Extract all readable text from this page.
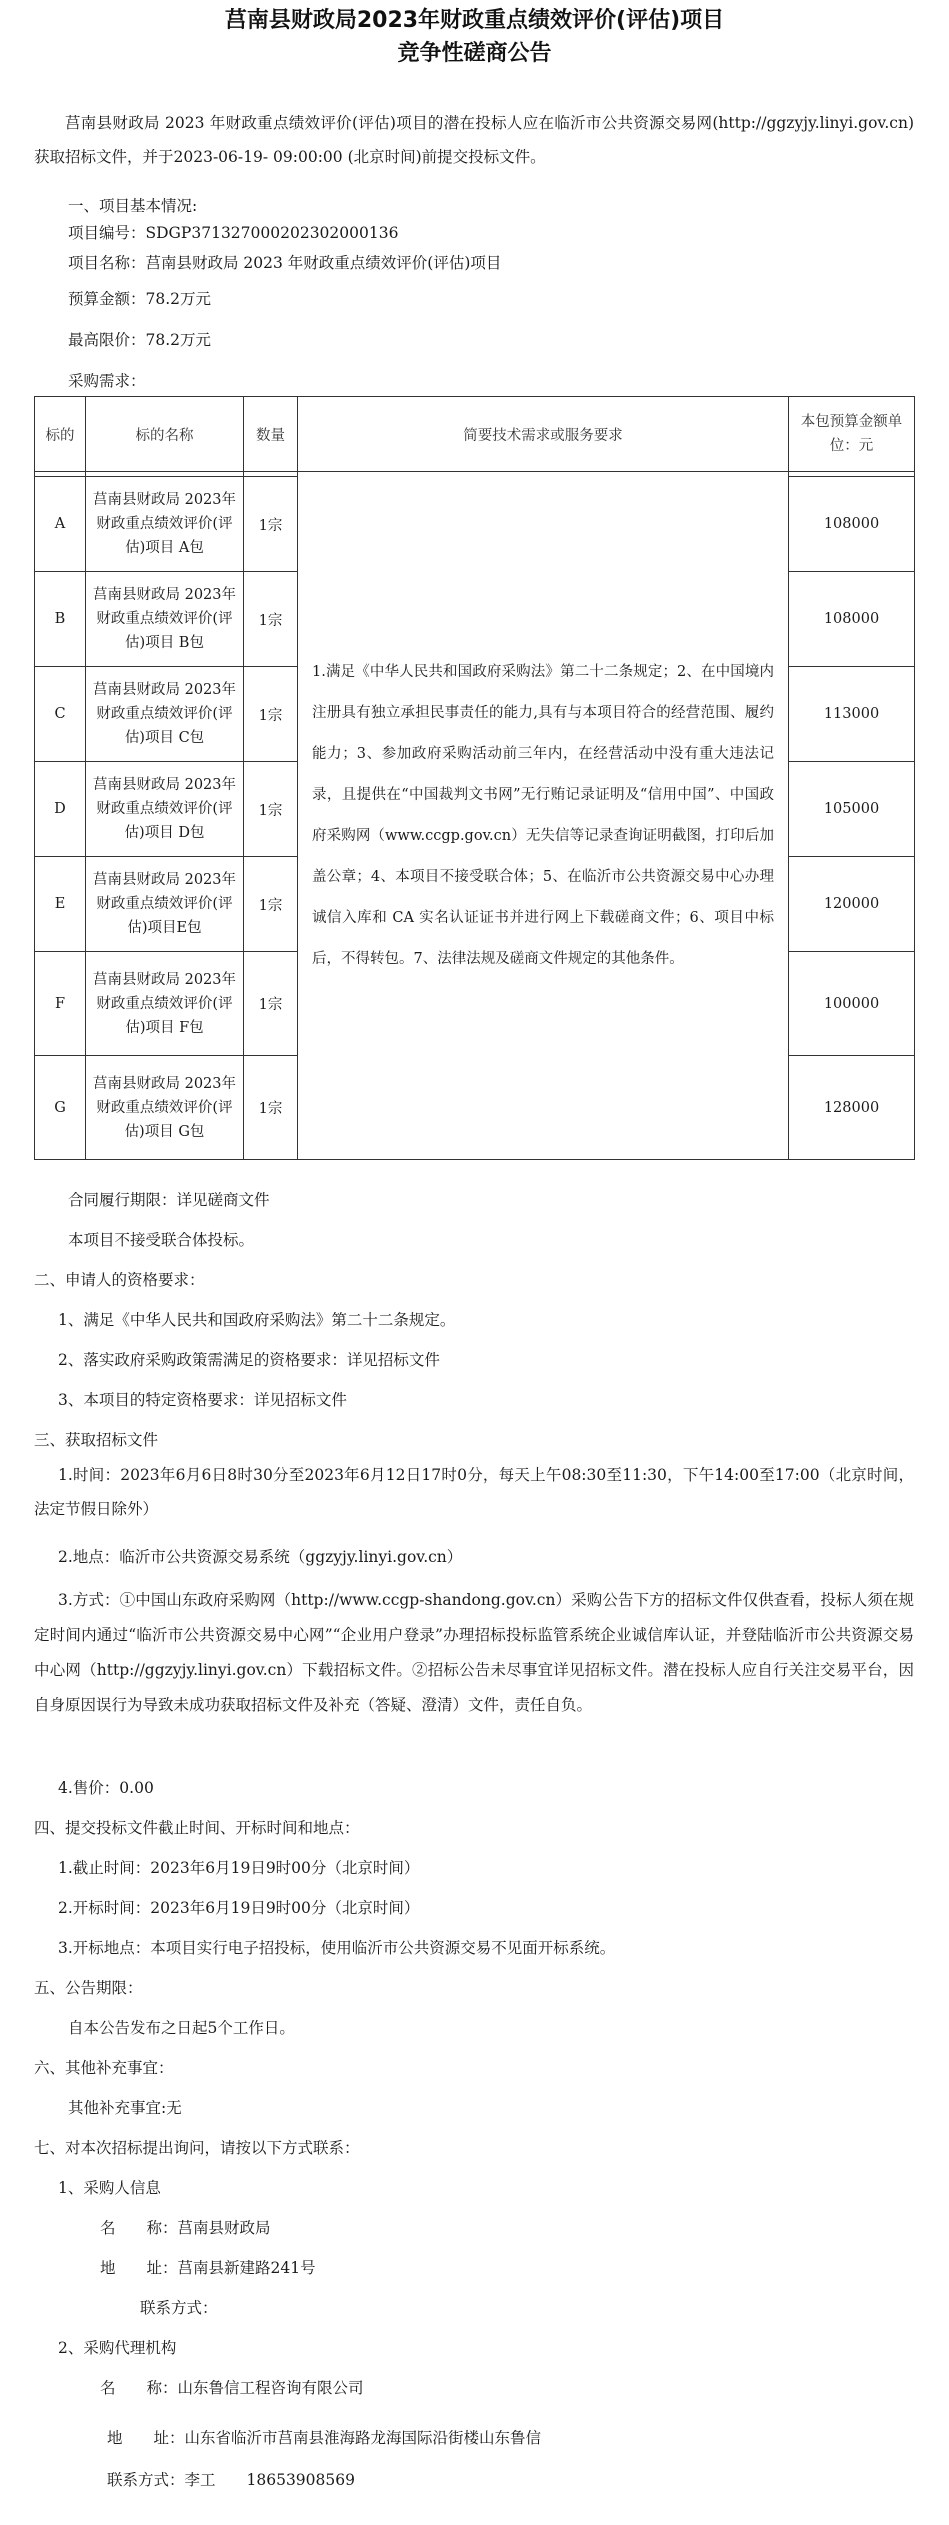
莒南县财政局2023年财政重点绩效评价(评估)项目
竞争性磋商公告
莒南县财政局 2023 年财政重点绩效评价(评估)项目的潜在投标人应在临沂市公共资源交易网(http://ggzyjy.linyi.gov.cn)获取招标文件，并于2023-06-19- 09:00:00 (北京时间)前提交投标文件。
一、项目基本情况:
项目编号：SDGP371327000202302000136
项目名称：莒南县财政局 2023 年财政重点绩效评价(评估)项目
预算金额：78.2万元
最高限价：78.2万元
采购需求：
标的	标的名称	数量	简要技术需求或服务要求	本包预算金额单位：元
			1.满足《中华人民共和国政府采购法》第二十二条规定；2、在中国境内注册具有独立承担民事责任的能力,具有与本项目符合的经营范围、履约能力；3、参加政府采购活动前三年内，在经营活动中没有重大违法记录，且提供在“中国裁判文书网”无行贿记录证明及“信用中国”、中国政府采购网（www.ccgp.gov.cn）无失信等记录查询证明截图，打印后加盖公章；4、本项目不接受联合体；5、在临沂市公共资源交易中心办理诚信入库和 CA 实名认证证书并进行网上下载磋商文件；6、项目中标后，不得转包。7、法律法规及磋商文件规定的其他条件。	
A	莒南县财政局 2023年财政重点绩效评价(评估)项目 A包	1宗		108000
B	莒南县财政局 2023年财政重点绩效评价(评估)项目 B包	1宗		108000
C	莒南县财政局 2023年财政重点绩效评价(评估)项目 C包	1宗		113000
D	莒南县财政局 2023年财政重点绩效评价(评估)项目 D包	1宗		105000
E	莒南县财政局 2023年财政重点绩效评价(评估)项目E包	1宗		120000
F	莒南县财政局 2023年财政重点绩效评价(评估)项目 F包	1宗		100000
G	莒南县财政局 2023年财政重点绩效评价(评估)项目 G包	1宗		128000
合同履行期限：详见磋商文件
本项目不接受联合体投标。
二、申请人的资格要求：
1、满足《中华人民共和国政府采购法》第二十二条规定。
2、落实政府采购政策需满足的资格要求：详见招标文件
3、本项目的特定资格要求：详见招标文件
三、获取招标文件
1.时间：2023年6月6日8时30分至2023年6月12日17时0分，每天上午08:30至11:30，下午14:00至17:00（北京时间，法定节假日除外）
2.地点：临沂市公共资源交易系统（ggzyjy.linyi.gov.cn）
3.方式：①中国山东政府采购网（http://www.ccgp-shandong.gov.cn）采购公告下方的招标文件仅供查看，投标人须在规定时间内通过“临沂市公共资源交易中心网”“企业用户登录”办理招标投标监管系统企业诚信库认证，并登陆临沂市公共资源交易中心网（http://ggzyjy.linyi.gov.cn）下载招标文件。②招标公告未尽事宜详见招标文件。潜在投标人应自行关注交易平台，因自身原因误行为导致未成功获取招标文件及补充（答疑、澄清）文件，责任自负。
4.售价：0.00
四、提交投标文件截止时间、开标时间和地点：
1.截止时间：2023年6月19日9时00分（北京时间）
2.开标时间：2023年6月19日9时00分（北京时间）
3.开标地点：本项目实行电子招投标，使用临沂市公共资源交易不见面开标系统。
五、公告期限：
自本公告发布之日起5个工作日。
六、其他补充事宜：
其他补充事宜:无
七、对本次招标提出询问，请按以下方式联系：
1、采购人信息
名　　称：莒南县财政局
地　　址：莒南县新建路241号
联系方式：
2、采购代理机构
名　　称：山东鲁信工程咨询有限公司
地　　址：山东省临沂市莒南县淮海路龙海国际沿街楼山东鲁信
联系方式：李工　　18653908569
